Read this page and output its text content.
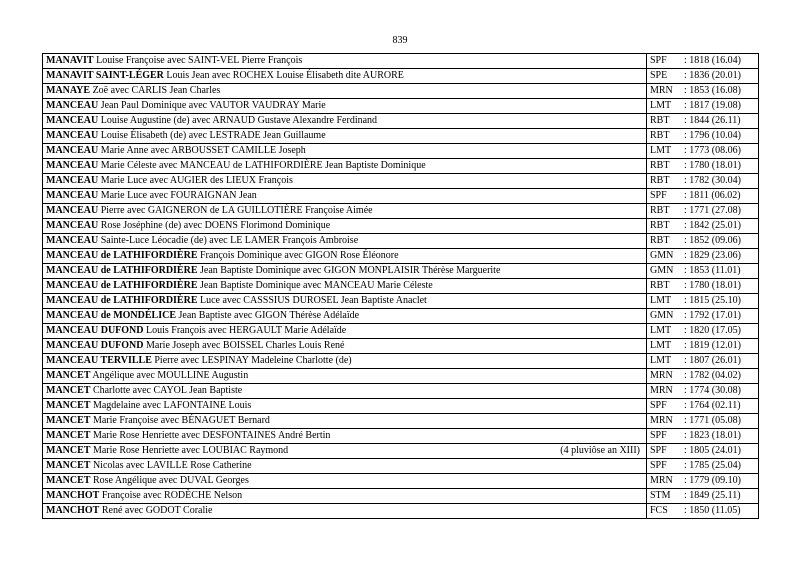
839
MANAVIT Louise Françoise avec SAINT-VEL Pierre François	SPF : 1818 (16.04)
MANAVIT SAINT-LÉGER Louis Jean avec ROCHEX Louise Élisabeth dite AURORE	SPE : 1836 (20.01)
MANAYE Zoë avec CARLIS Jean Charles	MRN : 1853 (16.08)
MANCEAU Jean Paul Dominique avec VAUTOR VAUDRAY Marie	LMT : 1817 (19.08)
MANCEAU Louise Augustine (de) avec ARNAUD Gustave Alexandre Ferdinand	RBT : 1844 (26.11)
MANCEAU Louise Élisabeth (de) avec LESTRADE Jean Guillaume	RBT : 1796 (10.04)
MANCEAU Marie Anne avec ARBOUSSET CAMILLE Joseph	LMT : 1773 (08.06)
MANCEAU Marie Céleste avec MANCEAU de LATHIFORDIÈRE Jean Baptiste Dominique	RBT : 1780 (18.01)
MANCEAU Marie Luce avec AUGIER des LIEUX François	RBT : 1782 (30.04)
MANCEAU Marie Luce avec FOURAIGNAN Jean	SPF : 1811 (06.02)
MANCEAU Pierre avec GAIGNERON de LA GUILLOTIÈRE Françoise Aimée	RBT : 1771 (27.08)
MANCEAU Rose Joséphine (de) avec DOENS Florimond Dominique	RBT : 1842 (25.01)
MANCEAU Sainte-Luce Léocadie (de) avec LE LAMER François Ambroise	RBT : 1852 (09.06)
MANCEAU de LATHIFORDIÈRE François Dominique avec GIGON Rose Éléonore	GMN : 1829 (23.06)
MANCEAU de LATHIFORDIÈRE Jean Baptiste Dominique avec GIGON MONPLAISIR Thérèse Marguerite	GMN : 1853 (11.01)
MANCEAU de LATHIFORDIÈRE Jean Baptiste Dominique avec MANCEAU Marie Céleste	RBT : 1780 (18.01)
MANCEAU de LATHIFORDIÈRE Luce avec CASSSIUS DUROSEL Jean Baptiste Anaclet	LMT : 1815 (25.10)
MANCEAU de MONDÉLICE Jean Baptiste avec GIGON Thérèse Adélaïde	GMN : 1792 (17.01)
MANCEAU DUFOND Louis François avec HERGAULT Marie Adélaïde	LMT : 1820 (17.05)
MANCEAU DUFOND Marie Joseph avec BOISSEL Charles Louis René	LMT : 1819 (12.01)
MANCEAU TERVILLE Pierre avec LESPINAY Madeleine Charlotte (de)	LMT : 1807 (26.01)
MANCET Angélique avec MOULLINE Augustin	MRN : 1782 (04.02)
MANCET Charlotte avec CAYOL Jean Baptiste	MRN : 1774 (30.08)
MANCET Magdelaine avec LAFONTAINE Louis	SPF : 1764 (02.11)
MANCET Marie Françoise avec BÉNAGUET Bernard	MRN : 1771 (05.08)
MANCET Marie Rose Henriette avec DESFONTAINES André Bertin	SPF : 1823 (18.01)
MANCET Marie Rose Henriette avec LOUBIAC Raymond (4 pluviôse an XIII)	SPF : 1805 (24.01)
MANCET Nicolas avec LAVILLE Rose Catherine	SPF : 1785 (25.04)
MANCET Rose Angélique avec DUVAL Georges	MRN : 1779 (09.10)
MANCHOT Françoise avec RODÈCHE Nelson	STM : 1849 (25.11)
MANCHOT René avec GODOT Coralie	FCS : 1850 (11.05)
